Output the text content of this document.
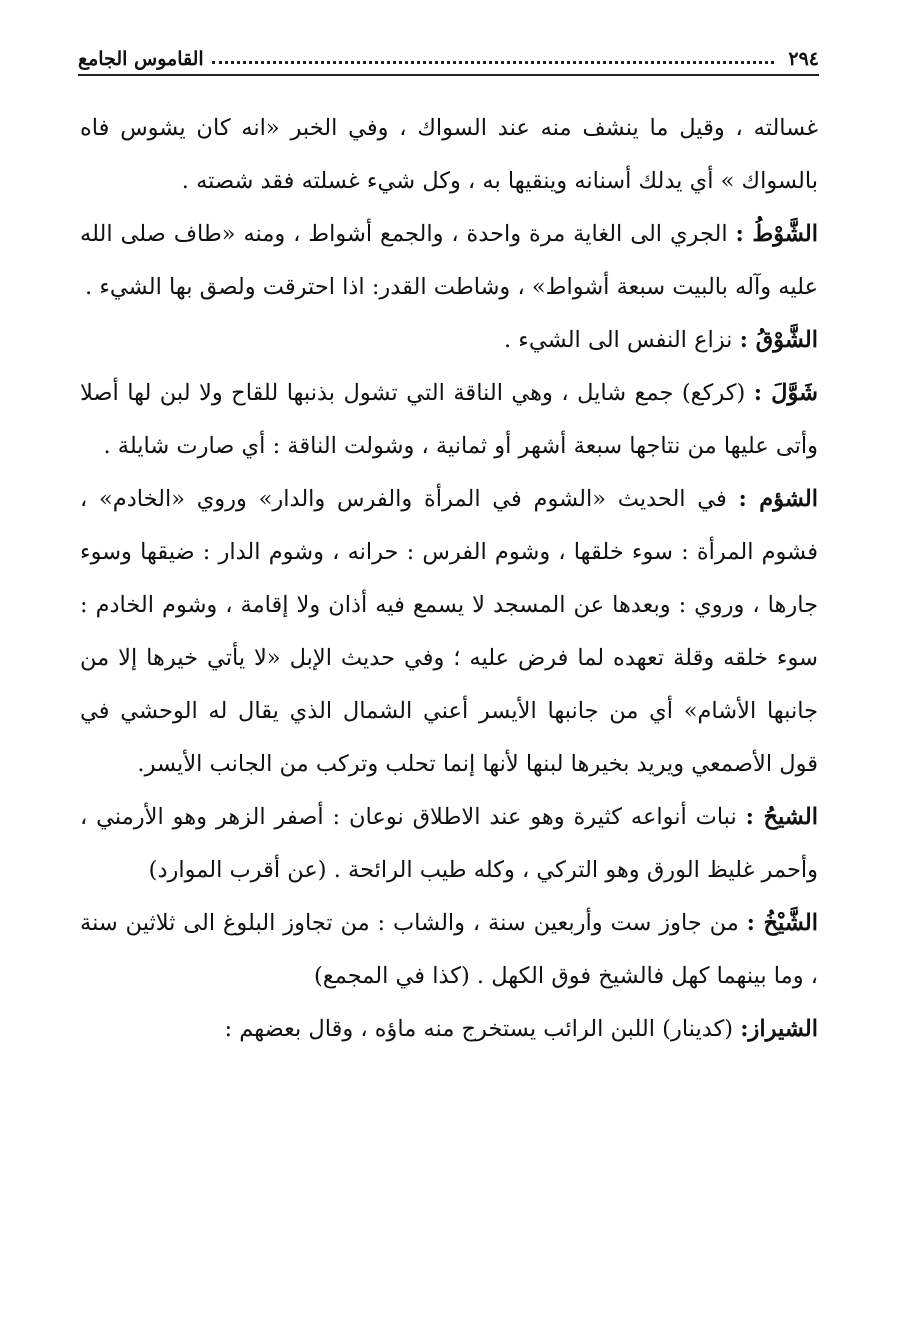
٢٩٤
القاموس الجامع

غسالته ، وقيل ما ينشف منه عند السواك ، وفي الخبر «انه كان يشوس فاه بالسواك » أي يدلك أسنانه وينقيها به ، وكل شيء غسلته فقد شصته .

الشَّوْطُ : الجري الى الغاية مرة واحدة ، والجمع أشواط ، ومنه «طاف صلى الله عليه وآله بالبيت سبعة أشواط» ، وشاطت القدر: اذا احترقت ولصق بها الشيء .

الشَّوْقُ : نزاع النفس الى الشيء .

شَوَّلَ : (كركع) جمع شايل ، وهي الناقة التي تشول بذنبها للقاح ولا لبن لها أصلا وأتى عليها من نتاجها سبعة أشهر أو ثمانية ، وشولت الناقة : أي صارت شايلة .

الشؤم : في الحديث «الشوم في المرأة والفرس والدار» وروي «الخادم» ، فشوم المرأة : سوء خلقها ، وشوم الفرس : حرانه ، وشوم الدار : ضيقها وسوء جارها ، وروي : وبعدها عن المسجد لا يسمع فيه أذان ولا إقامة ، وشوم الخادم : سوء خلقه وقلة تعهده لما فرض عليه ؛ وفي حديث الإبل «لا يأتي خيرها إلا من جانبها الأشام» أي من جانبها الأيسر أعني الشمال الذي يقال له الوحشي في قول الأصمعي ويريد بخيرها لبنها لأنها إنما تحلب وتركب من الجانب الأيسر.

الشيحُ : نبات أنواعه كثيرة وهو عند الاطلاق نوعان : أصفر الزهر وهو الأرمني ، وأحمر غليظ الورق وهو التركي ، وكله طيب الرائحة . (عن أقرب الموارد)

الشَّيْخُ : من جاوز ست وأربعين سنة ، والشاب : من تجاوز البلوغ الى ثلاثين سنة ، وما بينهما كهل فالشيخ فوق الكهل . (كذا في المجمع)

الشيراز: (كدينار) اللبن الرائب يستخرج منه ماؤه ، وقال بعضهم :
